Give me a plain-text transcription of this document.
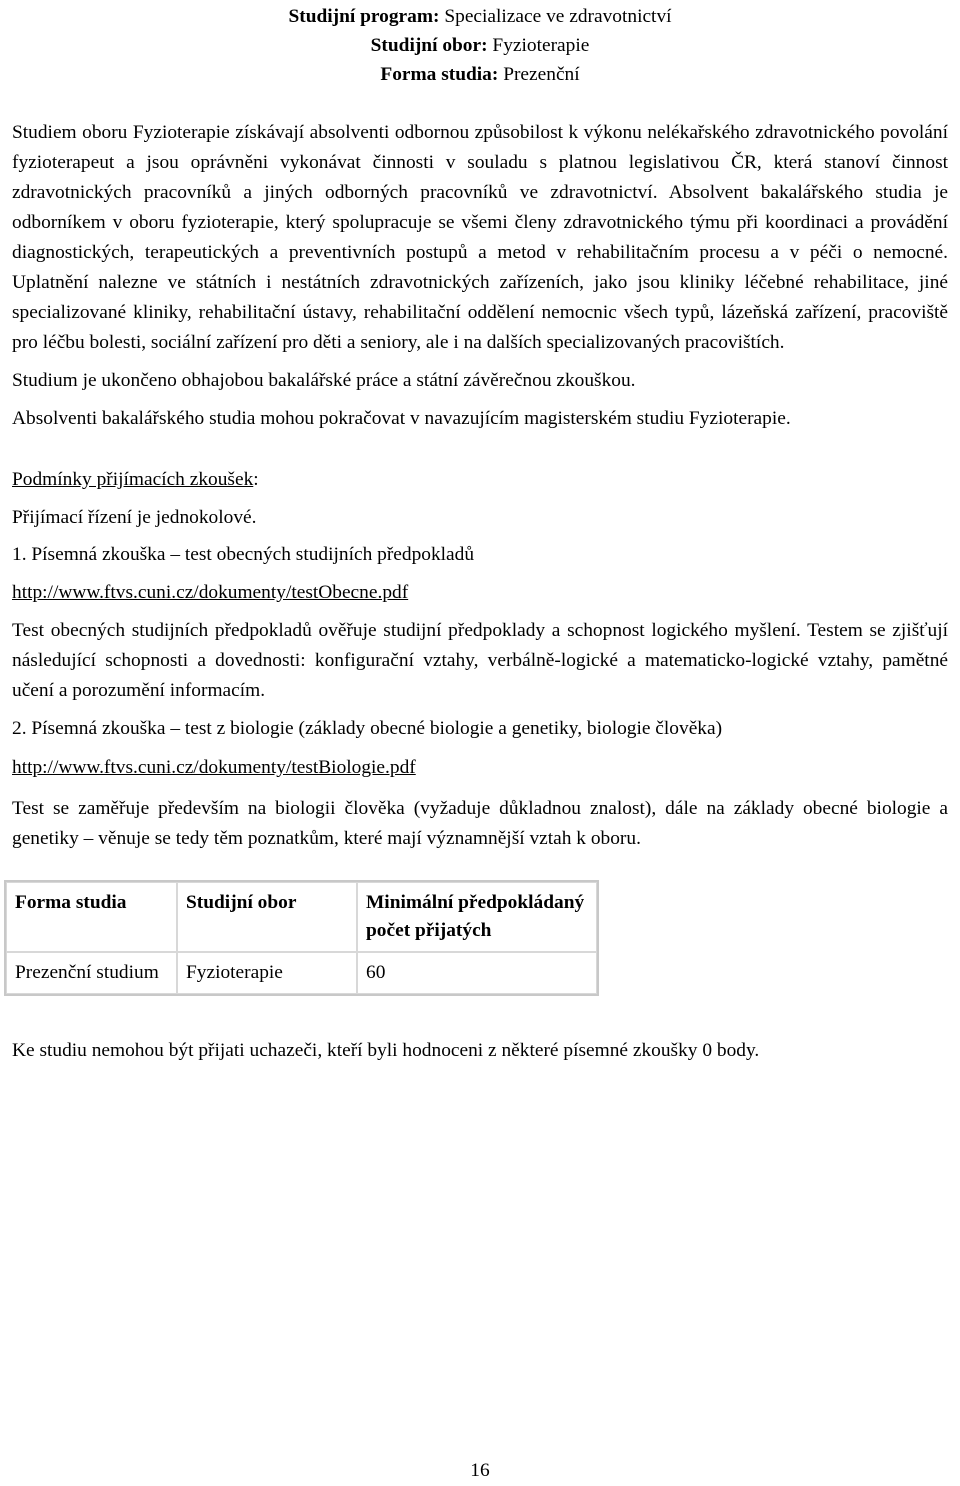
Studijní program: Specializace ve zdravotnictví
Studijní obor: Fyzioterapie
Forma studia: Prezenční

Studiem oboru Fyzioterapie získávají absolventi odbornou způsobilost k výkonu nelékařského zdravotnického povolání fyzioterapeut a jsou oprávněni vykonávat činnosti v souladu s platnou legislativou ČR, která stanoví činnost zdravotnických pracovníků a jiných odborných pracovníků ve zdravotnictví. Absolvent bakalářského studia je odborníkem v oboru fyzioterapie, který spolupracuje se všemi členy zdravotnického týmu při koordinaci a provádění diagnostických, terapeutických a preventivních postupů a metod v rehabilitačním procesu a v péči o nemocné. Uplatnění nalezne ve státních i nestátních zdravotnických zařízeních, jako jsou kliniky léčebné rehabilitace, jiné specializované kliniky, rehabilitační ústavy, rehabilitační oddělení nemocnic všech typů, lázeňská zařízení, pracoviště pro léčbu bolesti, sociální zařízení pro děti a seniory, ale i na dalších specializovaných pracovištích.

Studium je ukončeno obhajobou bakalářské práce a státní závěrečnou zkouškou.

Absolventi bakalářského studia mohou pokračovat v navazujícím magisterském studiu Fyzioterapie.

Podmínky přijímacích zkoušek:

Přijímací řízení je jednokolové.

1. Písemná zkouška – test obecných studijních předpokladů

http://www.ftvs.cuni.cz/dokumenty/testObecne.pdf

Test obecných studijních předpokladů ověřuje studijní předpoklady a schopnost logického myšlení. Testem se zjišťují následující schopnosti a dovednosti: konfigurační vztahy, verbálně-logické a matematicko-logické vztahy, pamětné učení a porozumění informacím.

2. Písemná zkouška – test z biologie (základy obecné biologie a genetiky, biologie člověka)

http://www.ftvs.cuni.cz/dokumenty/testBiologie.pdf

Test se zaměřuje především na biologii člověka (vyžaduje důkladnou znalost), dále na základy obecné biologie a genetiky – věnuje se tedy těm poznatkům, které mají významnější vztah k oboru.

Forma studia	Studijní obor	Minimální předpokládaný počet přijatých
Prezenční studium	Fyzioterapie	60

Ke studiu nemohou být přijati uchazeči, kteří byli hodnoceni z některé písemné zkoušky 0 body.

16
